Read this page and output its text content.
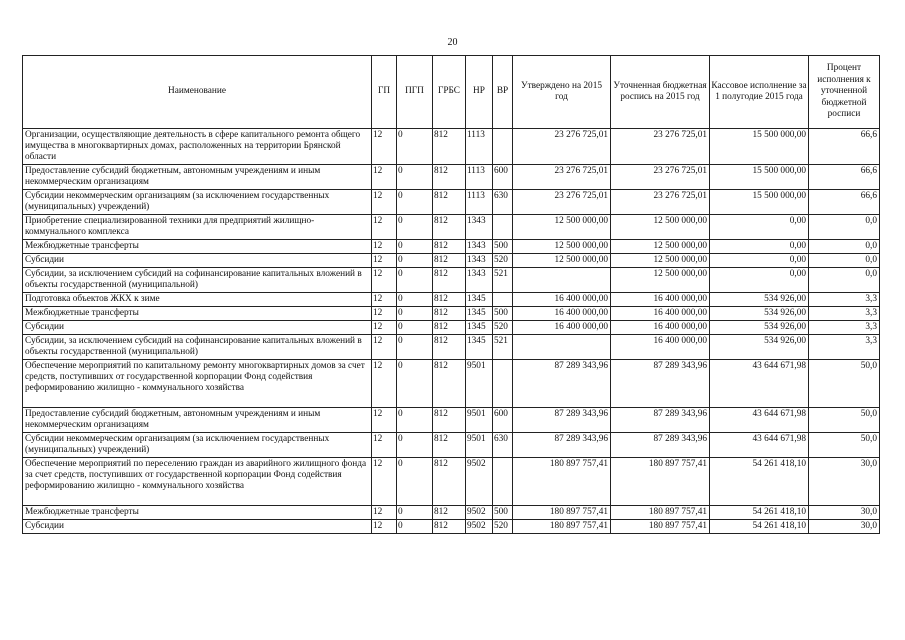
20
Наименование	ГП	ПГП	ГРБС	НР	ВР	Утверждено на 2015 год	Уточненная бюджетная роспись на 2015 год	Кассовое исполнение за 1 полугодие 2015 года	Процент исполнения к уточненной бюджетной росписи
Организации, осуществляющие деятельность в сфере капитального ремонта общего имущества в многоквартирных домах, расположенных на территории Брянской области	12	0	812	1113		23 276 725,01	23 276 725,01	15 500 000,00	66,6
Предоставление субсидий бюджетным, автономным учреждениям и иным некоммерческим организациям	12	0	812	1113	600	23 276 725,01	23 276 725,01	15 500 000,00	66,6
Субсидии некоммерческим организациям (за исключением государственных (муниципальных) учреждений)	12	0	812	1113	630	23 276 725,01	23 276 725,01	15 500 000,00	66,6
Приобретение специализированной техники для предприятий жилищно-коммунального комплекса	12	0	812	1343		12 500 000,00	12 500 000,00	0,00	0,0
Межбюджетные трансферты	12	0	812	1343	500	12 500 000,00	12 500 000,00	0,00	0,0
Субсидии	12	0	812	1343	520	12 500 000,00	12 500 000,00	0,00	0,0
Субсидии, за исключением субсидий на софинансирование капитальных вложений в объекты государственной (муниципальной)	12	0	812	1343	521		12 500 000,00	0,00	0,0
Подготовка объектов ЖКХ к зиме	12	0	812	1345		16 400 000,00	16 400 000,00	534 926,00	3,3
Межбюджетные трансферты	12	0	812	1345	500	16 400 000,00	16 400 000,00	534 926,00	3,3
Субсидии	12	0	812	1345	520	16 400 000,00	16 400 000,00	534 926,00	3,3
Субсидии, за исключением субсидий на софинансирование капитальных вложений в объекты государственной (муниципальной)	12	0	812	1345	521		16 400 000,00	534 926,00	3,3
Обеспечение мероприятий по капитальному ремонту многоквартирных домов за счет средств, поступивших от государственной корпорации Фонд содействия реформированию жилищно - коммунального хозяйства	12	0	812	9501		87 289 343,96	87 289 343,96	43 644 671,98	50,0
Предоставление субсидий бюджетным, автономным учреждениям и иным некоммерческим организациям	12	0	812	9501	600	87 289 343,96	87 289 343,96	43 644 671,98	50,0
Субсидии некоммерческим организациям (за исключением государственных (муниципальных) учреждений)	12	0	812	9501	630	87 289 343,96	87 289 343,96	43 644 671,98	50,0
Обеспечение мероприятий по переселению граждан из аварийного жилищного фонда за счет средств, поступивших от государственной корпорации Фонд содействия реформированию жилищно - коммунального хозяйства	12	0	812	9502		180 897 757,41	180 897 757,41	54 261 418,10	30,0
Межбюджетные трансферты	12	0	812	9502	500	180 897 757,41	180 897 757,41	54 261 418,10	30,0
Субсидии	12	0	812	9502	520	180 897 757,41	180 897 757,41	54 261 418,10	30,0
